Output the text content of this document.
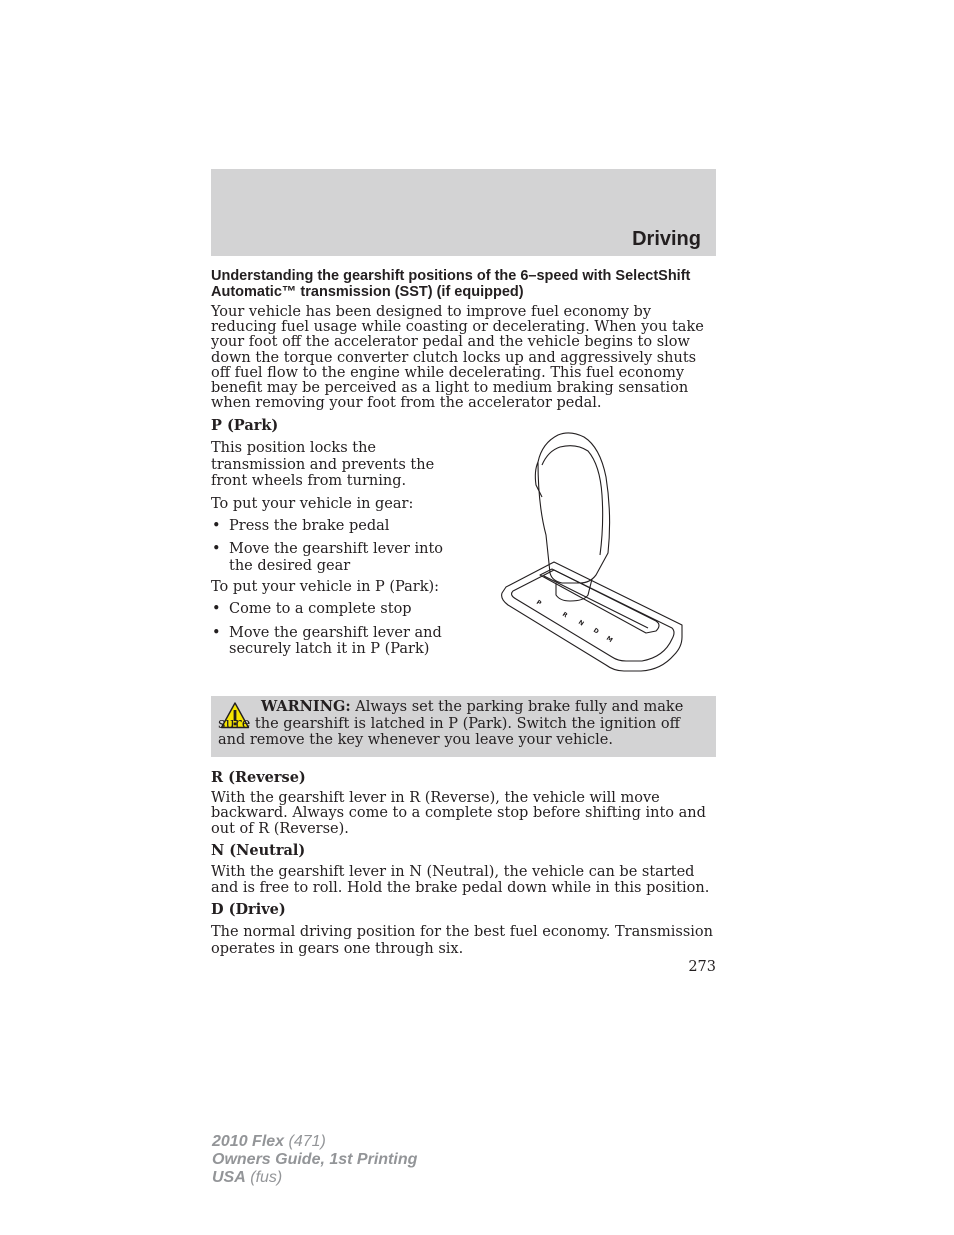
Driving
Understanding the gearshift positions of the 6–speed with SelectShift Automatic™ transmission (SST) (if equipped)

Your vehicle has been designed to improve fuel economy by reducing fuel usage while coasting or decelerating. When you take your foot off the accelerator pedal and the vehicle begins to slow down the torque converter clutch locks up and aggressively shuts off fuel flow to the engine while decelerating. This fuel economy benefit may be perceived as a light to medium braking sensation when removing your foot from the accelerator pedal.

P (Park)

This position locks the transmission and prevents the front wheels from turning.

To put your vehicle in gear:

• Press the brake pedal

• Move the gearshift lever into the desired gear

To put your vehicle in P (Park):

• Come to a complete stop

• Move the gearshift lever and securely latch it in P (Park)

P
R
N
D
M
WARNING: Always set the parking brake fully and make sure the gearshift is latched in P (Park). Switch the ignition off and remove the key whenever you leave your vehicle.

R (Reverse)

With the gearshift lever in R (Reverse), the vehicle will move backward. Always come to a complete stop before shifting into and out of R (Reverse).

N (Neutral)

With the gearshift lever in N (Neutral), the vehicle can be started and is free to roll. Hold the brake pedal down while in this position.

D (Drive)

The normal driving position for the best fuel economy. Transmission operates in gears one through six.

273
2010 Flex (471)
Owners Guide, 1st Printing
USA (fus)
